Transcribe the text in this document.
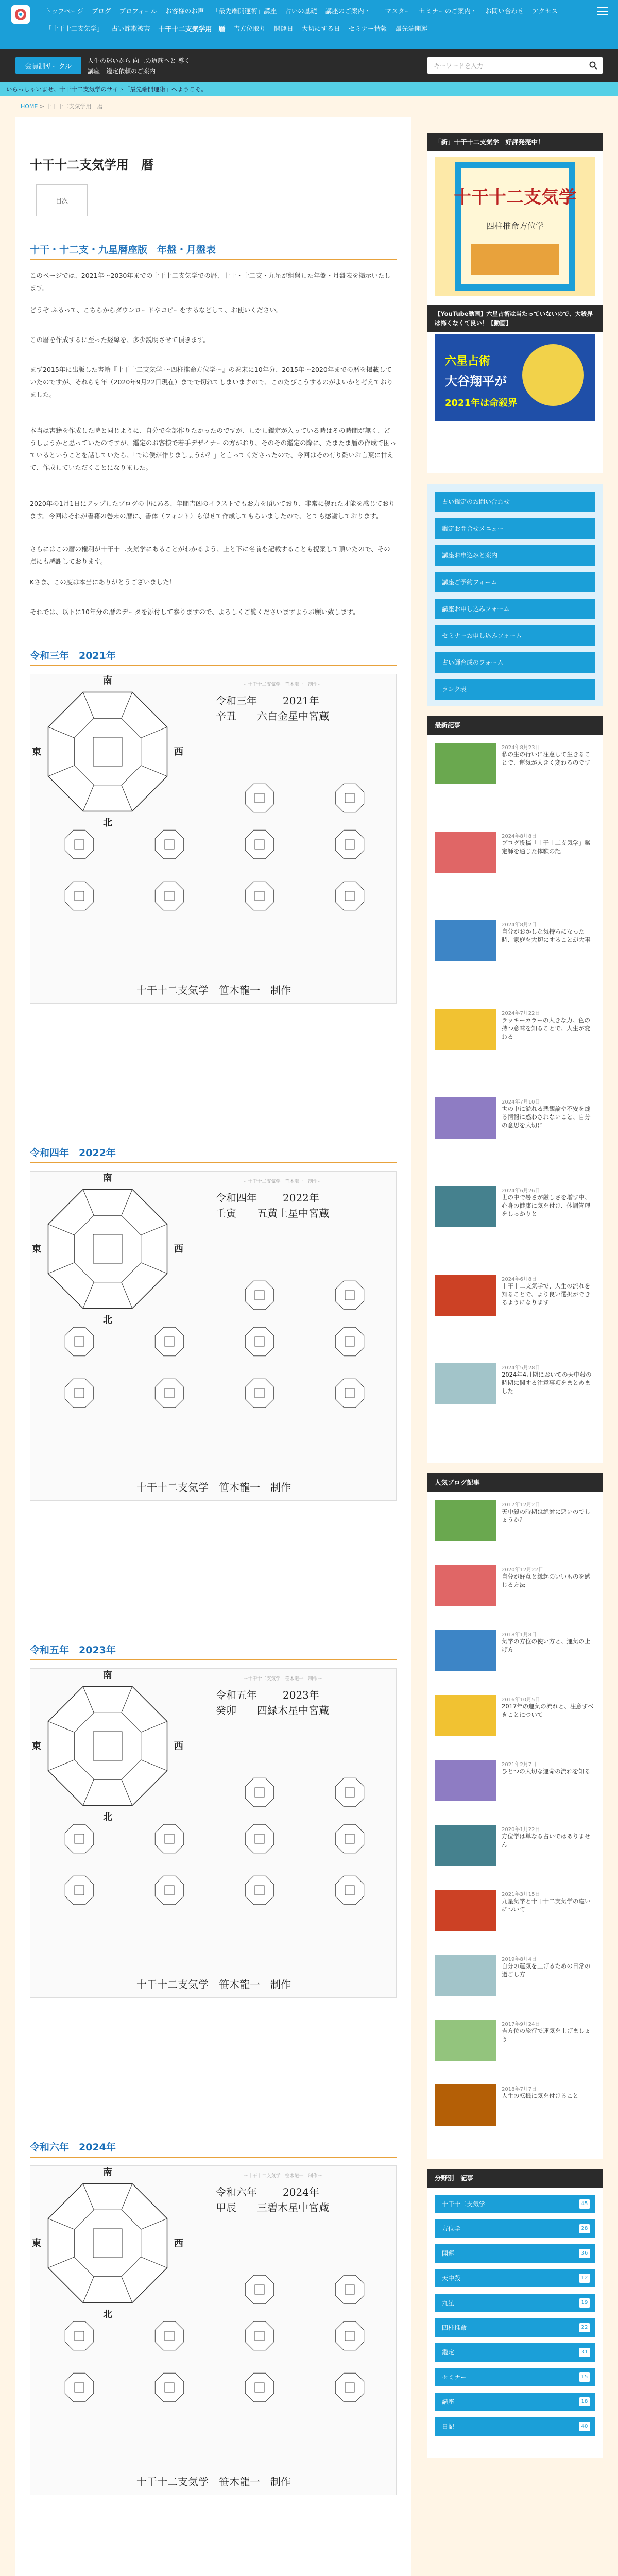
トップページ	ブログ	プロフィール	お客様のお声	「最先端開運術」講座	占いの基礎	講座のご案内・	「マスター	セミナーのご案内・	お問い合わせ	アクセス
「十干十二支気学」	占い詐欺被害	十干十二支気学用　暦	吉方位取り	開運日	大切にする日	セミナー情報	最先端開運
会員制サークル
人生の迷いから 向上の道筋へと 導く
講座　鑑定依頼のご案内
キーワードを入力
いらっしゃいませ。十干十二支気学のサイト「最先端開運術」へようこそ。
HOME > 十干十二支気学用　暦
十干十二支気学用　暦
目次
十干・十二支・九星暦座版　年盤・月盤表
このページでは、2021年〜2030年までの十干十二支気学での暦、十干・十二支・九星が組盤した年盤・月盤表を掲示いたします。
どうぞ ふるって、こちらからダウンロードやコピーをするなどして、お使いください。
この暦を作成するに至った経緯を、多少説明させて頂きます。
まず2015年に出版した書籍『十干十二支気学 〜四柱推命方位学〜』の巻末に10年分、2015年〜2020年までの暦を掲載していたのですが、それらも年（2020年9月22日現在）までで切れてしまいますので、このたびこうするのがよいかと考えておりました。
本当は書籍を作成した時と同じように、自分で全部作りたかったのですが、しかし鑑定が入っている時はその時間が無く、どうしようかと思っていたのですが、鑑定のお客様で若手デザイナーの方がおり、そのその鑑定の際に、たまたま暦の作成で困っているということを話していたら、「では僕が作りましょうか？」と言ってくださったので、今回はその有り難いお言葉に甘えて、作成していただくことになりました。
2020年の1月1日にアップしたブログの中にある、年間吉凶のイラストでもお力を頂いており、非常に優れた才能を感じております。今回はそれが書籍の巻末の暦に、書体（フォント）も似せて作成してもらいましたので、とても感謝しております。
さらにはこの暦の権利が十干十二支気学にあることがわかるよう、上と下に名前を記載することも提案して頂いたので、その点にも感謝しております。
Kさま、この度は本当にありがとうございました！
それでは、以下に10年分の暦のデータを添付して参りますので、よろしくご覧くださいますようお願い致します。
令和三年　2021年
南
北
東	西
ー十干十二支気学　笹木龍一　制作ー
令和三年	2021年
辛丑 六白金星中宮蔵
十干十二支気学　笹木龍一　制作
令和四年　2022年
南
北
東	西
ー十干十二支気学　笹木龍一　制作ー
令和四年	2022年
壬寅 五黄土星中宮蔵
十干十二支気学　笹木龍一　制作
令和五年　2023年
南
北
東	西
ー十干十二支気学　笹木龍一　制作ー
令和五年	2023年
癸卯 四緑木星中宮蔵
十干十二支気学　笹木龍一　制作
令和六年　2024年
南
北
東	西
ー十干十二支気学　笹木龍一　制作ー
令和六年	2024年
甲辰 三碧木星中宮蔵
十干十二支気学　笹木龍一　制作
「新」十干十二支気学　好評発売中！
十干十二支気学
四柱推命方位学
【YouTube動画】六星占術は当たっていないので、大殺界は怖くなくて良い！【動画】
六星占術
大谷翔平が
2021年は命殺界
占い鑑定のお問い合わせ
鑑定お問合せメニュー
講座お申込みと案内
講座ご予約フォーム
講座お申し込みフォーム
セミナーお申し込みフォーム
占い師育成のフォーム
ランク表
最新記事
2024年8月23日
私の生の行いに注意して生きることで、運気が大きく変わるのです
2024年8月8日
ブログ投稿「十干十二支気学」鑑定師を通じた体験の記
2024年8月2日
自分がおかしな気持ちになった時、家庭を大切にすることが大事
2024年7月22日
ラッキーカラーの大きな力。色の持つ意味を知ることで、人生が変わる
2024年7月10日
世の中に溢れる悲観論や不安を煽る情報に惑わされないこと、自分の意思を大切に
2024年6月26日
世の中で暑さが厳しさを増す中、心身の健康に気を付け、体調管理をしっかりと
2024年6月8日
十干十二支気学で、人生の流れを知ることで、より良い選択ができるようになります
2024年5月28日
2024年4月期においての天中殺の時期に関する注意事項をまとめました
人気ブログ記事
2017年12月2日
天中殺の時期は絶対に悪いのでしょうか？
2020年12月22日
自分が好意と縁起のいいものを感じる方法
2018年1月8日
気学の方位の使い方と、運気の上げ方
2016年10月5日
2017年の運気の流れと、注意すべきことについて
2021年2月7日
ひとつの大切な運命の流れを知る
2020年1月22日
方位学は単なる占いではありません
2021年3月15日
九星気学と十干十二支気学の違いについて
2019年8月4日
自分の運気を上げるための日常の過ごし方
2017年9月24日
吉方位の旅行で運気を上げましょう
2018年7月7日
人生の転機に気を付けること
分野別　記事
十干十二支気学	45
方位学	28
開運	36
天中殺	12
九星	19
四柱推命	22
鑑定	31
セミナー	15
講座	18
日記	40
